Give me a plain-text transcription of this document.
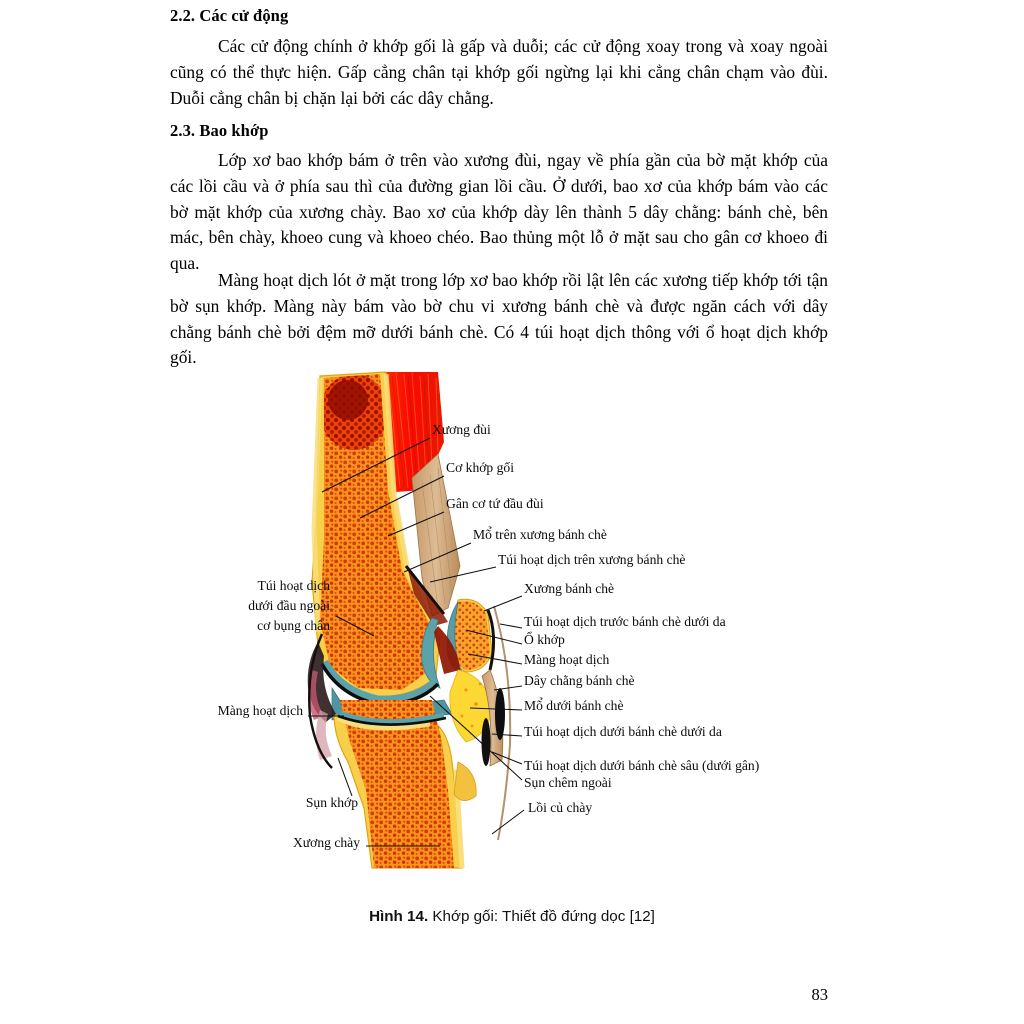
2.2. Các cử động

Các cử động chính ở khớp gối là gấp và duỗi; các cử động xoay trong và xoay ngoài cũng có thể thực hiện. Gấp cẳng chân tại khớp gối ngừng lại khi cẳng chân chạm vào đùi. Duỗi cẳng chân bị chặn lại bởi các dây chằng.

2.3. Bao khớp

Lớp xơ bao khớp bám ở trên vào xương đùi, ngay về phía gần của bờ mặt khớp của các lồi cầu và ở phía sau thì của đường gian lồi cầu. Ở dưới, bao xơ của khớp bám vào các bờ mặt khớp của xương chày. Bao xơ của khớp dày lên thành 5 dây chằng: bánh chè, bên mác, bên chày, khoeo cung và khoeo chéo. Bao thủng một lỗ ở mặt sau cho gân cơ khoeo đi qua.

Màng hoạt dịch lót ở mặt trong lớp xơ bao khớp rồi lật lên các xương tiếp khớp tới tận bờ sụn khớp. Màng này bám vào bờ chu vi xương bánh chè và được ngăn cách với dây chằng bánh chè bởi đệm mỡ dưới bánh chè. Có 4 túi hoạt dịch thông với ổ hoạt dịch khớp gối.

Xương đùi
Cơ khớp gối
Gân cơ tứ đầu đùi
Mõ̉ trên xương bánh chè
Túi hoạt dịch trên xương bánh chè
Xương bánh chè
Túi hoạt dịch trước bánh chè dưới da
Ổ khớp
Màng hoạt dịch
Dây chằng bánh chè
Mõ̉ dưới bánh chè
Túi hoạt dịch dưới bánh chè dưới da
Túi hoạt dịch dưới bánh chè sâu (dưới gân)
Sụn chêm ngoài
Lồi củ chày
Túi hoạt dịch
dưới đầu ngoài
cơ bụng chân
Màng hoạt dịch
Sụn khớp
Xương chày
Hình 14. Khớp gối: Thiết đồ đứng dọc [12]
83
